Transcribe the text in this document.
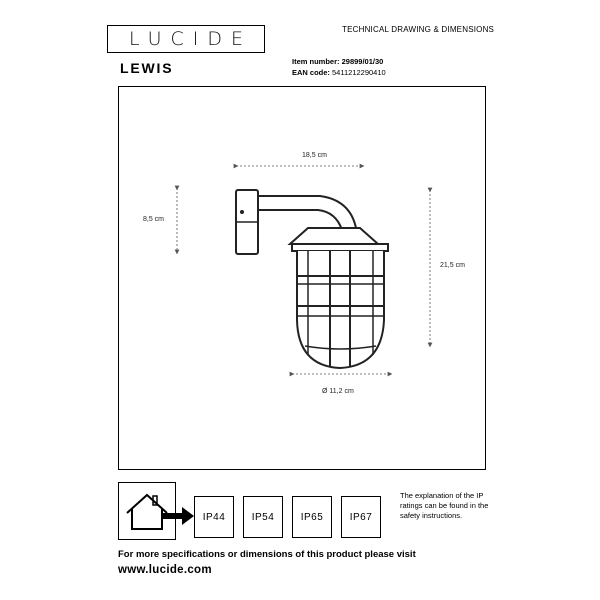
LUCIDE	TECHNICAL DRAWING & DIMENSIONS
LEWIS	Item number: 29899/01/30
EAN code: 5411212290410
18,5 cm
8,5 cm
21,5 cm
Ø 11,2 cm
IP44	IP54	IP65	IP67
The explanation of the IP ratings can be found in the safety instructions.
For more specifications or dimensions of this product please visit
www.lucide.com
